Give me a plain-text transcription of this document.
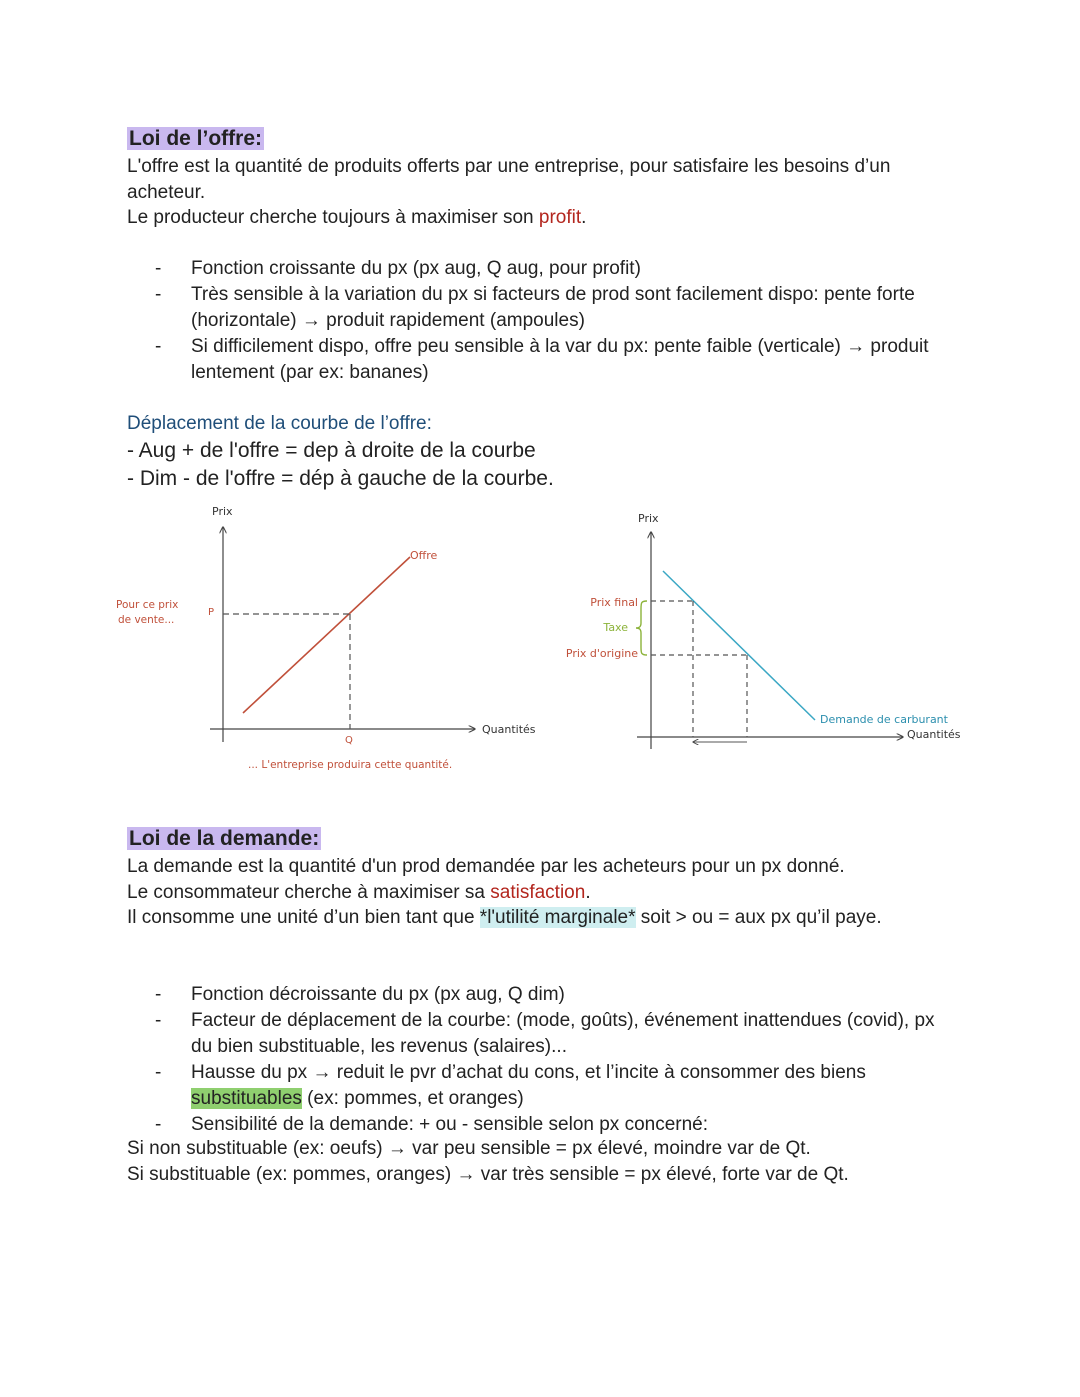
Loi de l’offre:
L'offre est la quantité de produits offerts par une entreprise, pour satisfaire les besoins d’un
acheteur.
Le producteur cherche toujours à maximiser son profit.
- Fonction croissante du px (px aug, Q aug, pour profit)
- Très sensible à la variation du px si facteurs de prod sont facilement dispo: pente forte
(horizontale) → produit rapidement (ampoules)
- Si difficilement dispo, offre peu sensible à la var du px: pente faible (verticale) → produit
lentement (par ex: bananes)
Déplacement de la courbe de l’offre:
- Aug + de l'offre = dep à droite de la courbe
- Dim - de l'offre = dép à gauche de la courbe.
Prix
Quantités
Offre
P
Q
Pour ce prix
de vente...
... L'entreprise produira cette quantité.
Prix
Quantités
Demande de carburant
Prix final
Taxe
Prix d'origine
Loi de la demande:
La demande est la quantité d'un prod demandée par les acheteurs pour un px donné.
Le consommateur cherche à maximiser sa satisfaction.
Il consomme une unité d’un bien tant que *l'utilité marginale* soit > ou = aux px qu’il paye.
- Fonction décroissante du px (px aug, Q dim)
- Facteur de déplacement de la courbe: (mode, goûts), événement inattendues (covid), px
du bien substituable, les revenus (salaires)...
- Hausse du px → reduit le pvr d’achat du cons, et l’incite à consommer des biens
substituables (ex: pommes, et oranges)
- Sensibilité de la demande: + ou - sensible selon px concerné:
Si non substituable (ex: oeufs) → var peu sensible = px élevé, moindre var de Qt.
Si substituable (ex: pommes, oranges) → var très sensible = px élevé, forte var de Qt.
